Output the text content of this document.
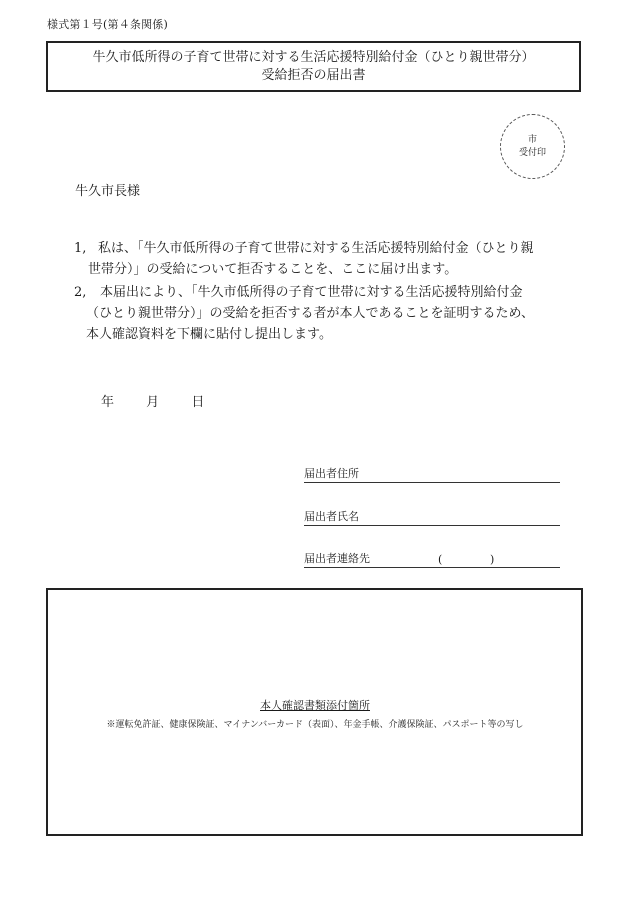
様式第１号(第４条関係)
牛久市低所得の子育て世帯に対する生活応援特別給付金（ひとり親世帯分）
受給拒否の届出書
市
受付印
牛久市長様
1, 私は、「牛久市低所得の子育て世帯に対する生活応援特別給付金（ひとり親
世帯分）」の受給について拒否することを、ここに届け出ます。
2,	本届出により、「牛久市低所得の子育て世帯に対する生活応援特別給付金
（ひとり親世帯分）」の受給を拒否する者が本人であることを証明するため、
本人確認資料を下欄に貼付し提出します。
年 月 日
届出者住所
届出者氏名
届出者連絡先	(	)
本人確認書類添付箇所
※運転免許証、健康保険証、マイナンバーカード（表面）、年金手帳、介護保険証、パスポート等の写し
